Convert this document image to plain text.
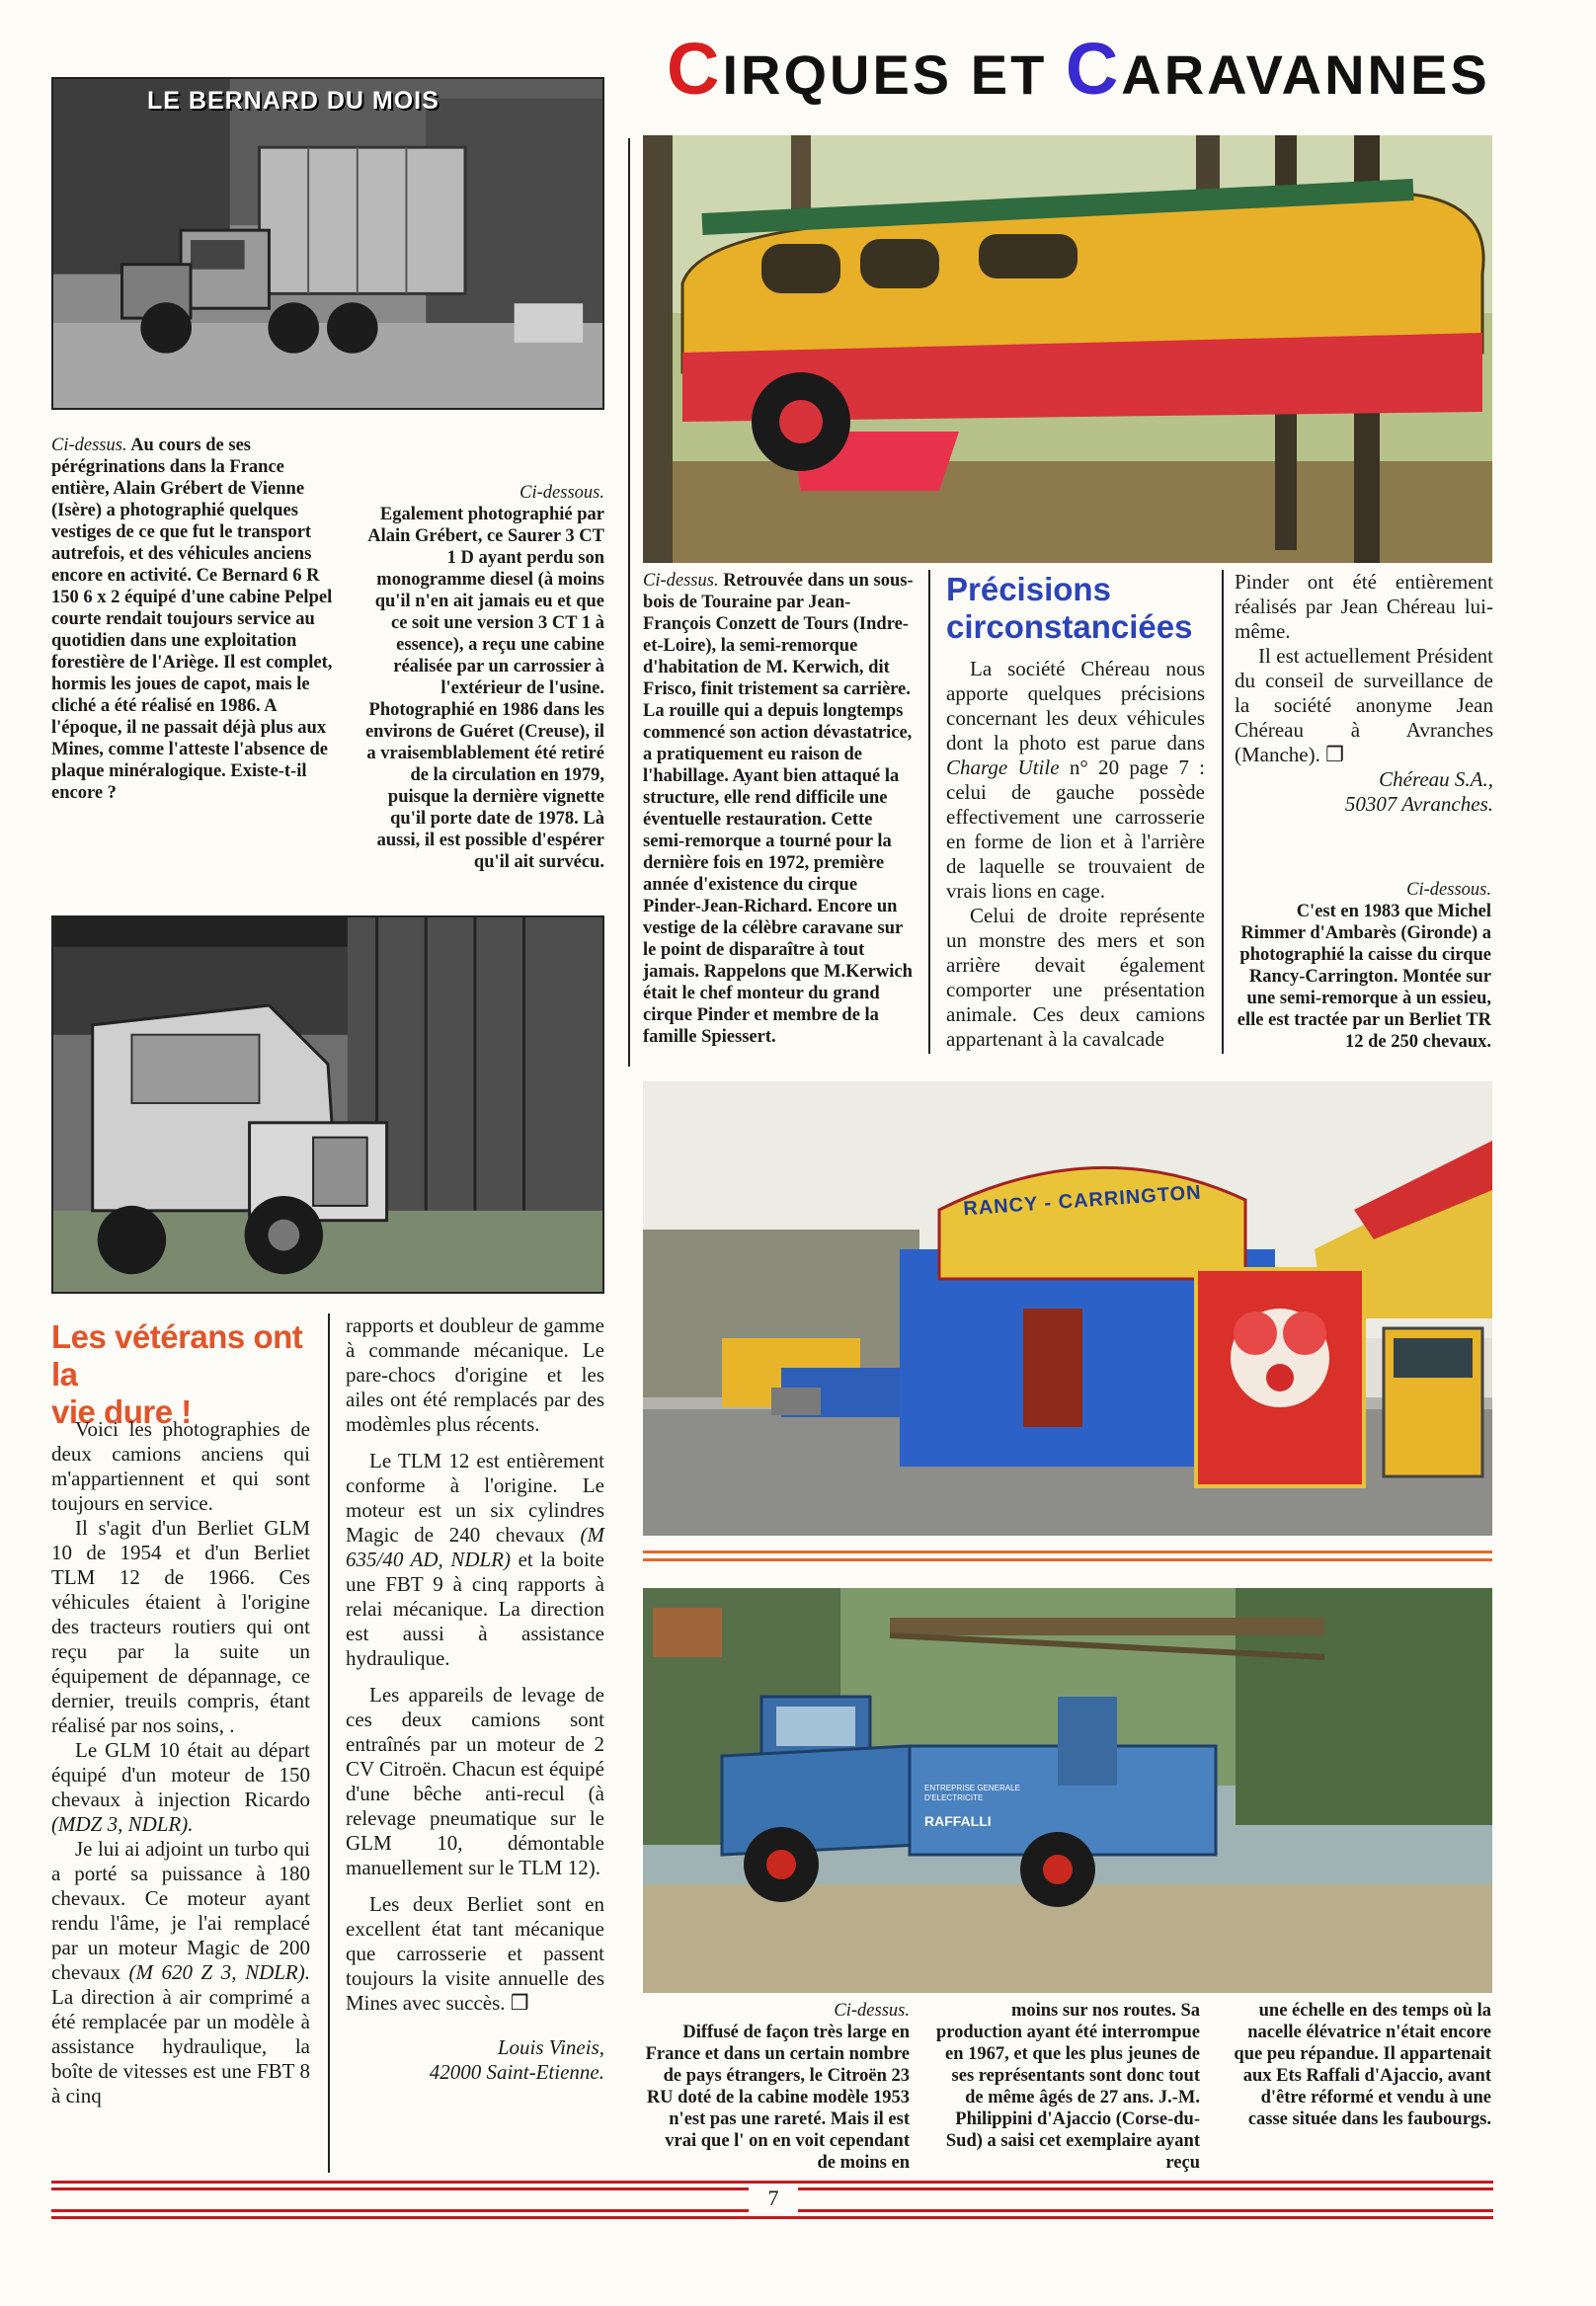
CIRQUES ET CARAVANNES
LE BERNARD DU MOIS
Ci-dessus. Au cours de ses pérégrinations dans la France entière, Alain Grébert de Vienne (Isère) a photographié quelques vestiges de ce que fut le transport autrefois, et des véhicules anciens encore en activité. Ce Bernard 6 R 150 6 x 2 équipé d'une cabine Pelpel courte rendait toujours service au quotidien dans une exploitation forestière de l'Ariège. Il est complet, hormis les joues de capot, mais le cliché a été réalisé en 1986. A l'époque, il ne passait déjà plus aux Mines, comme l'atteste l'absence de plaque minéralogique. Existe-t-il encore ?

Ci-dessous.

Egalement photographié par Alain Grébert, ce Saurer 3 CT 1 D ayant perdu son monogramme diesel (à moins qu'il n'en ait jamais eu et que ce soit une version 3 CT 1 à essence), a reçu une cabine réalisée par un carrossier à l'extérieur de l'usine. Photographié en 1986 dans les environs de Guéret (Creuse), il a vraisemblablement été retiré de la circulation en 1979, puisque la dernière vignette qu'il porte date de 1978. Là aussi, il est possible d'espérer qu'il ait survécu.

Les vétérans ont la
vie dure !

Voici les photographies de deux camions anciens qui m'appartiennent et qui sont toujours en service.

Il s'agit d'un Berliet GLM 10 de 1954 et d'un Berliet TLM 12 de 1966. Ces véhicules étaient à l'origine des tracteurs routiers qui ont reçu par la suite un équipement de dépannage, ce dernier, treuils compris, étant réalisé par nos soins, .

Le GLM 10 était au départ équipé d'un moteur de 150 chevaux à injection Ricardo (MDZ 3, NDLR).

Je lui ai adjoint un turbo qui a porté sa puissance à 180 chevaux. Ce moteur ayant rendu l'âme, je l'ai remplacé par un moteur Magic de 200 chevaux (M 620 Z 3, NDLR). La direction à air comprimé a été remplacée par un modèle à assistance hydraulique, la boîte de vitesses est une FBT 8 à cinq

rapports et doubleur de gamme à commande mécanique. Le pare-chocs d'origine et les ailes ont été remplacés par des modèmles plus récents.

Le TLM 12 est entièrement conforme à l'origine. Le moteur est un six cylindres Magic de 240 chevaux (M 635/40 AD, NDLR) et la boite une FBT 9 à cinq rapports à relai mécanique. La direction est aussi à assistance hydraulique.

Les appareils de levage de ces deux camions sont entraînés par un moteur de 2 CV Citroën. Chacun est équipé d'une bêche anti-recul (à relevage pneumatique sur le GLM 10, démontable manuellement sur le TLM 12).

Les deux Berliet sont en excellent état tant mécanique que carrosserie et passent toujours la visite annuelle des Mines avec succès. ❒

Louis Vineis,

42000 Saint-Etienne.

Ci-dessus. Retrouvée dans un sous-bois de Touraine par Jean-François Conzett de Tours (Indre-et-Loire), la semi-remorque d'habitation de M. Kerwich, dit Frisco, finit tristement sa carrière. La rouille qui a depuis longtemps commencé son action dévastatrice, a pratiquement eu raison de l'habillage. Ayant bien attaqué la structure, elle rend difficile une éventuelle restauration. Cette semi-remorque a tourné pour la dernière fois en 1972, première année d'existence du cirque Pinder-Jean-Richard. Encore un vestige de la célèbre caravane sur le point de disparaître à tout jamais. Rappelons que M.Kerwich était le chef monteur du grand cirque Pinder et membre de la famille Spiessert.
Précisions
circonstanciées

La société Chéreau nous apporte quelques précisions concernant les deux véhicules dont la photo est parue dans Charge Utile n° 20 page 7 : celui de gauche possède effectivement une carrosserie en forme de lion et à l'arrière de laquelle se trouvaient de vrais lions en cage.

Celui de droite représente un monstre des mers et son arrière devait également comporter une présentation animale. Ces deux camions appartenant à la cavalcade

Pinder ont été entièrement réalisés par Jean Chéreau lui-même.

Il est actuellement Président du conseil de surveillance de la société anonyme Jean Chéreau à Avranches (Manche). ❒

Chéreau S.A.,

50307 Avranches.

Ci-dessous.

C'est en 1983 que Michel Rimmer d'Ambarès (Gironde) a photographié la caisse du cirque Rancy-Carrington. Montée sur une semi-remorque à un essieu, elle est tractée par un Berliet TR 12 de 250 chevaux.

RANCY - CARRINGTON
ENTREPRISE GENERALE D'ELECTRICITE
RAFFALLI

Ci-dessus.

Diffusé de façon très large en France et dans un certain nombre de pays étrangers, le Citroën 23 RU doté de la cabine modèle 1953 n'est pas une rareté. Mais il est vrai que l' on en voit cependant de moins en

moins sur nos routes. Sa production ayant été interrompue en 1967, et que les plus jeunes de ses représentants sont donc tout de même âgés de 27 ans. J.-M. Philippini d'Ajaccio (Corse-du-Sud) a saisi cet exemplaire ayant reçu

une échelle en des temps où la nacelle élévatrice n'était encore que peu répandue. Il appartenait aux Ets Raffali d'Ajaccio, avant d'être réformé et vendu à une casse située dans les faubourgs.

7
